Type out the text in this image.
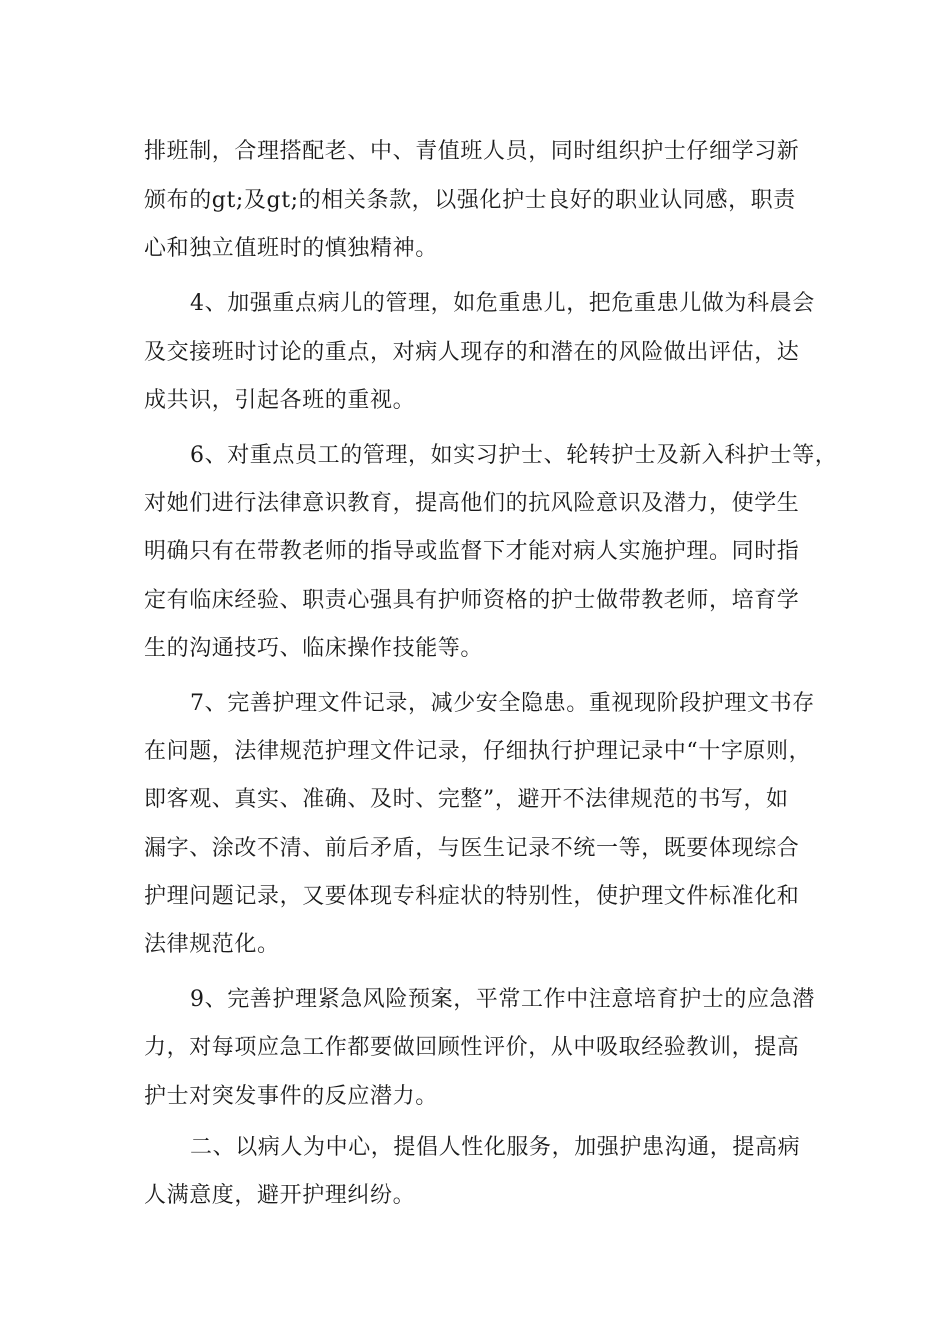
排班制，合理搭配老、中、青值班人员，同时组织护士仔细学习新
颁布的gt;及gt;的相关条款，以强化护士良好的职业认同感，职责
心和独立值班时的慎独精神。
4、加强重点病儿的管理，如危重患儿，把危重患儿做为科晨会
及交接班时讨论的重点，对病人现存的和潜在的风险做出评估，达
成共识，引起各班的重视。
6、对重点员工的管理，如实习护士、轮转护士及新入科护士等，
对她们进行法律意识教育，提高他们的抗风险意识及潜力，使学生
明确只有在带教老师的指导或监督下才能对病人实施护理。同时指
定有临床经验、职责心强具有护师资格的护士做带教老师，培育学
生的沟通技巧、临床操作技能等。
7、完善护理文件记录，减少安全隐患。重视现阶段护理文书存
在问题，法律规范护理文件记录，仔细执行护理记录中“十字原则，
即客观、真实、准确、及时、完整”，避开不法律规范的书写，如
漏字、涂改不清、前后矛盾，与医生记录不统一等，既要体现综合
护理问题记录，又要体现专科症状的特别性，使护理文件标准化和
法律规范化。
9、完善护理紧急风险预案，平常工作中注意培育护士的应急潜
力，对每项应急工作都要做回顾性评价，从中吸取经验教训，提高
护士对突发事件的反应潜力。
二、以病人为中心，提倡人性化服务，加强护患沟通，提高病
人满意度，避开护理纠纷。
